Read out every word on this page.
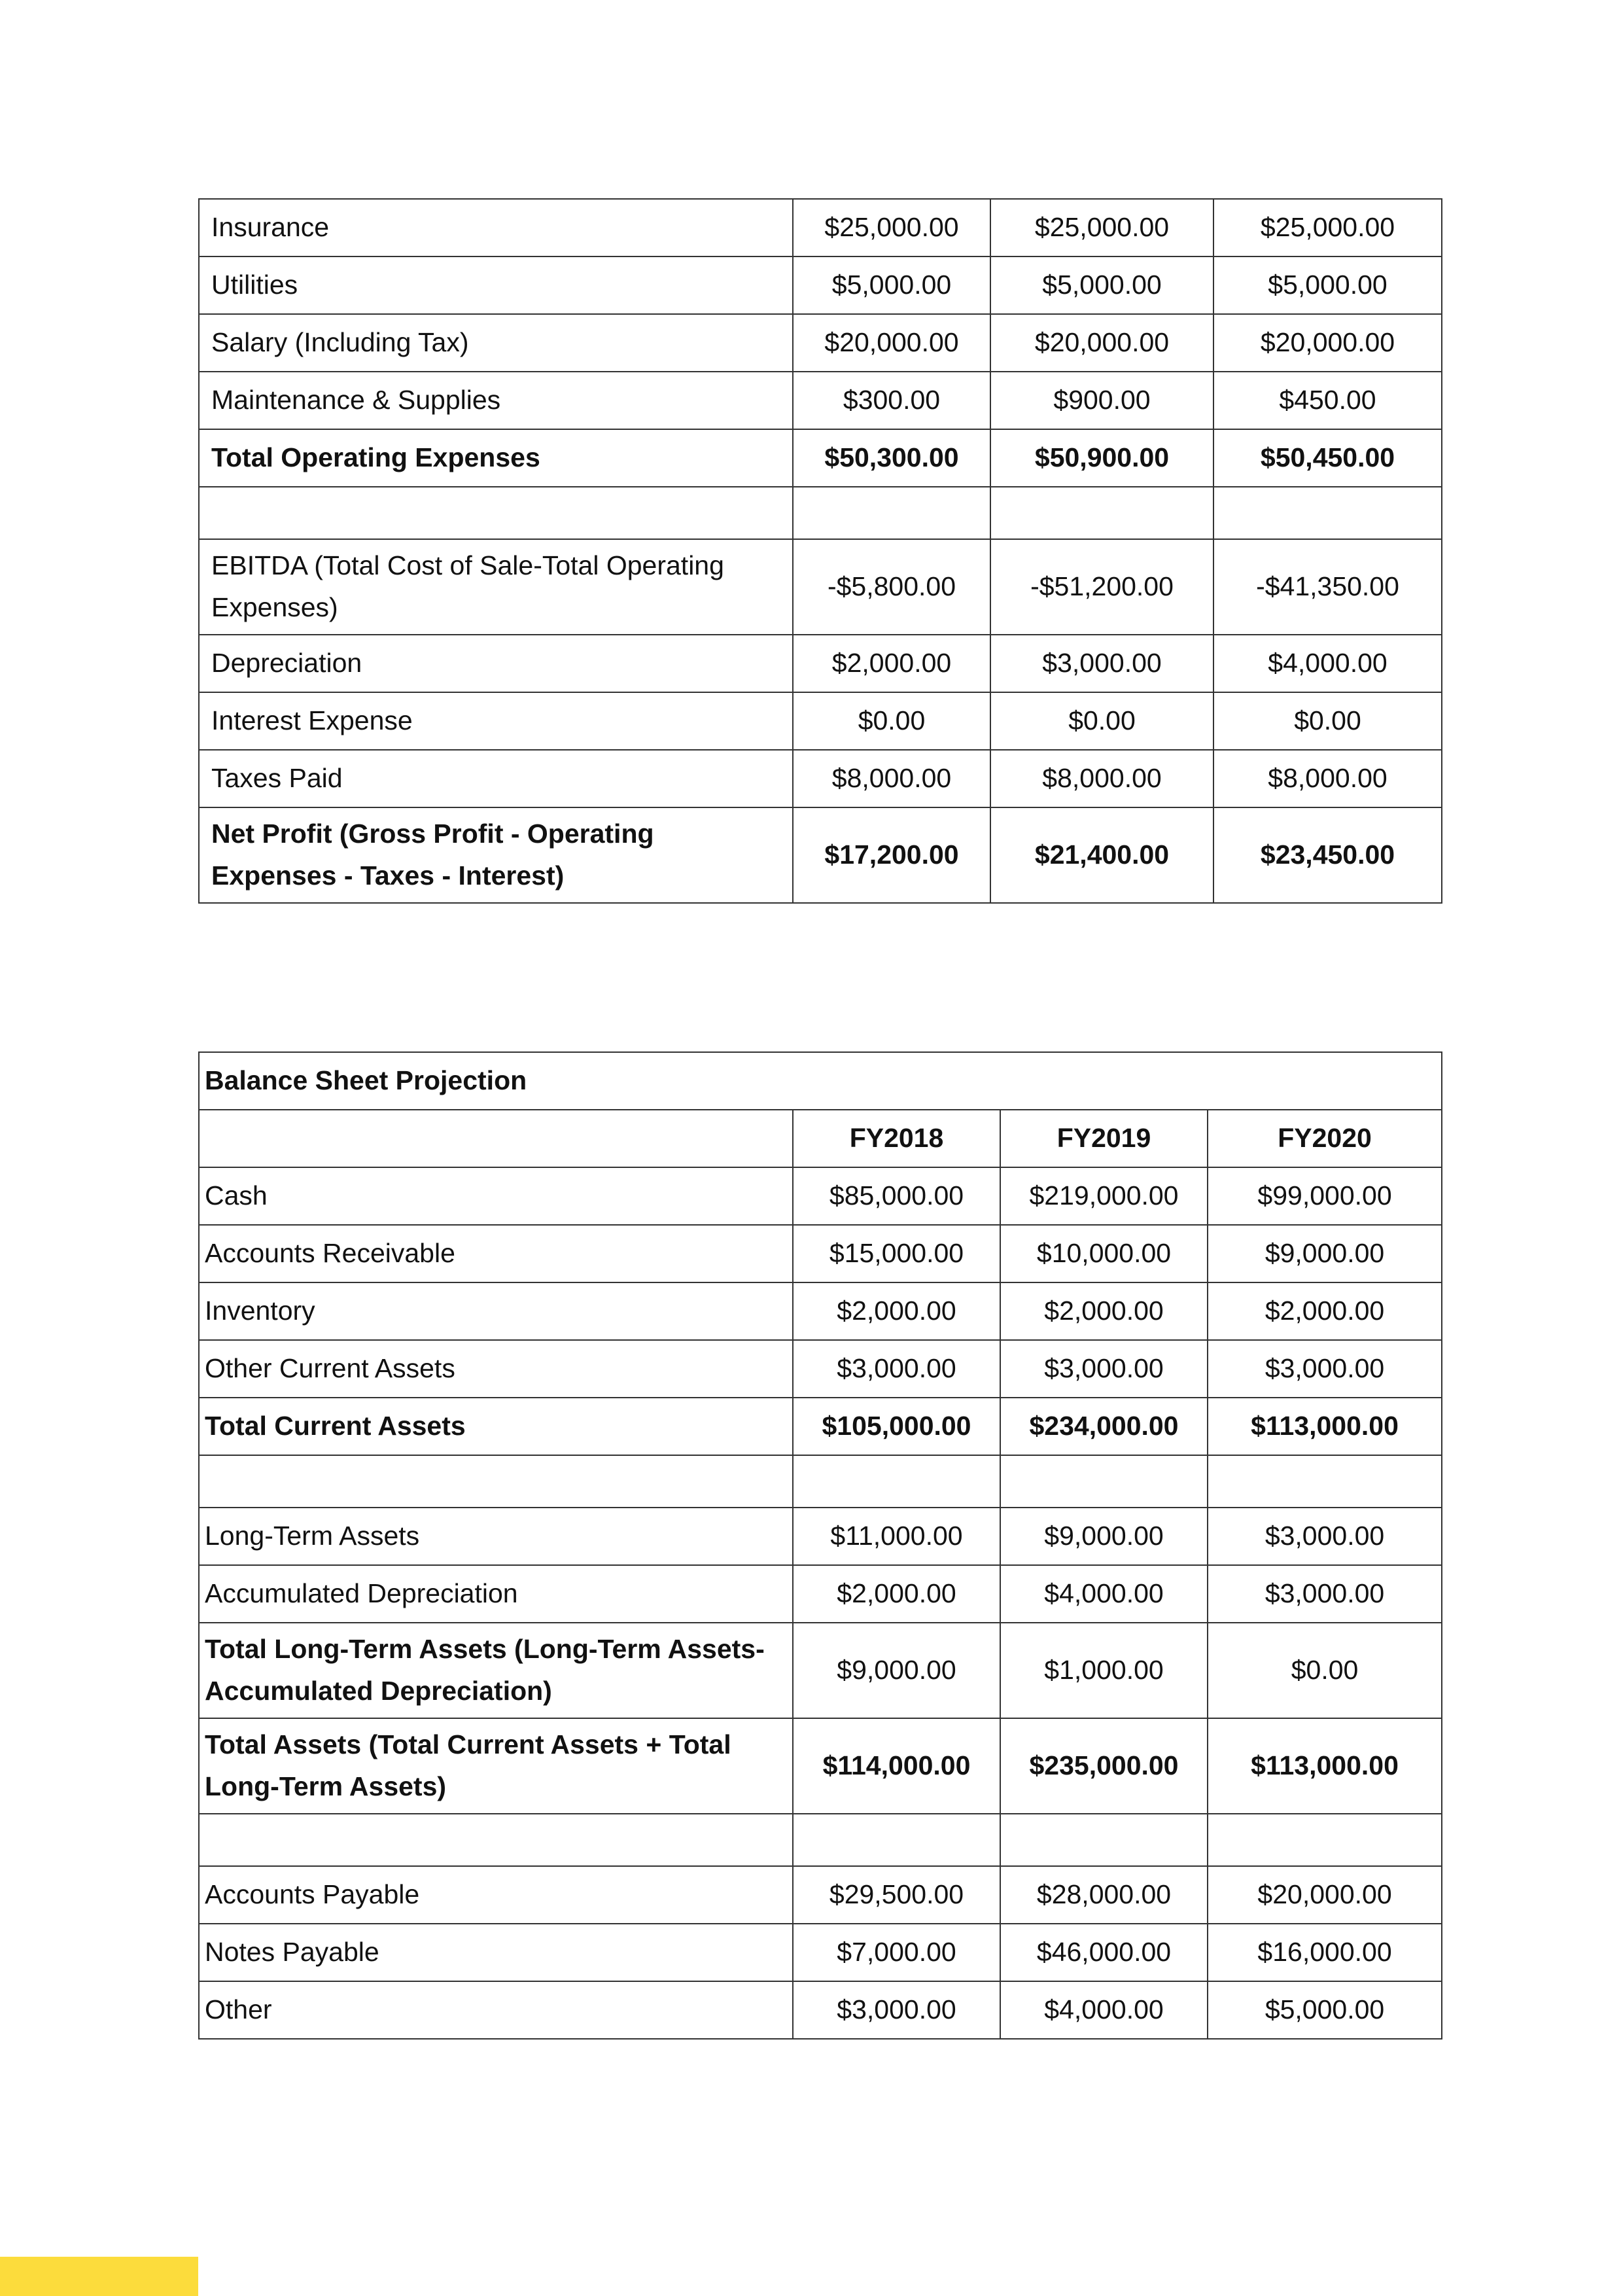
Insurance	$25,000.00	$25,000.00	$25,000.00
Utilities	$5,000.00	$5,000.00	$5,000.00
Salary (Including Tax)	$20,000.00	$20,000.00	$20,000.00
Maintenance & Supplies	$300.00	$900.00	$450.00
Total Operating Expenses	$50,300.00	$50,900.00	$50,450.00

EBITDA (Total Cost of Sale-Total Operating Expenses)	-$5,800.00	-$51,200.00	-$41,350.00
Depreciation	$2,000.00	$3,000.00	$4,000.00
Interest Expense	$0.00	$0.00	$0.00
Taxes Paid	$8,000.00	$8,000.00	$8,000.00
Net Profit (Gross Profit - Operating Expenses - Taxes - Interest)	$17,200.00	$21,400.00	$23,450.00
Balance Sheet Projection			
	FY2018	FY2019	FY2020
Cash	$85,000.00	$219,000.00	$99,000.00
Accounts Receivable	$15,000.00	$10,000.00	$9,000.00
Inventory	$2,000.00	$2,000.00	$2,000.00
Other Current Assets	$3,000.00	$3,000.00	$3,000.00
Total Current Assets	$105,000.00	$234,000.00	$113,000.00

Long-Term Assets	$11,000.00	$9,000.00	$3,000.00
Accumulated Depreciation	$2,000.00	$4,000.00	$3,000.00
Total Long-Term Assets (Long-Term Assets-Accumulated Depreciation)	$9,000.00	$1,000.00	$0.00
Total Assets (Total Current Assets + Total Long-Term Assets)	$114,000.00	$235,000.00	$113,000.00

Accounts Payable	$29,500.00	$28,000.00	$20,000.00
Notes Payable	$7,000.00	$46,000.00	$16,000.00
Other	$3,000.00	$4,000.00	$5,000.00
